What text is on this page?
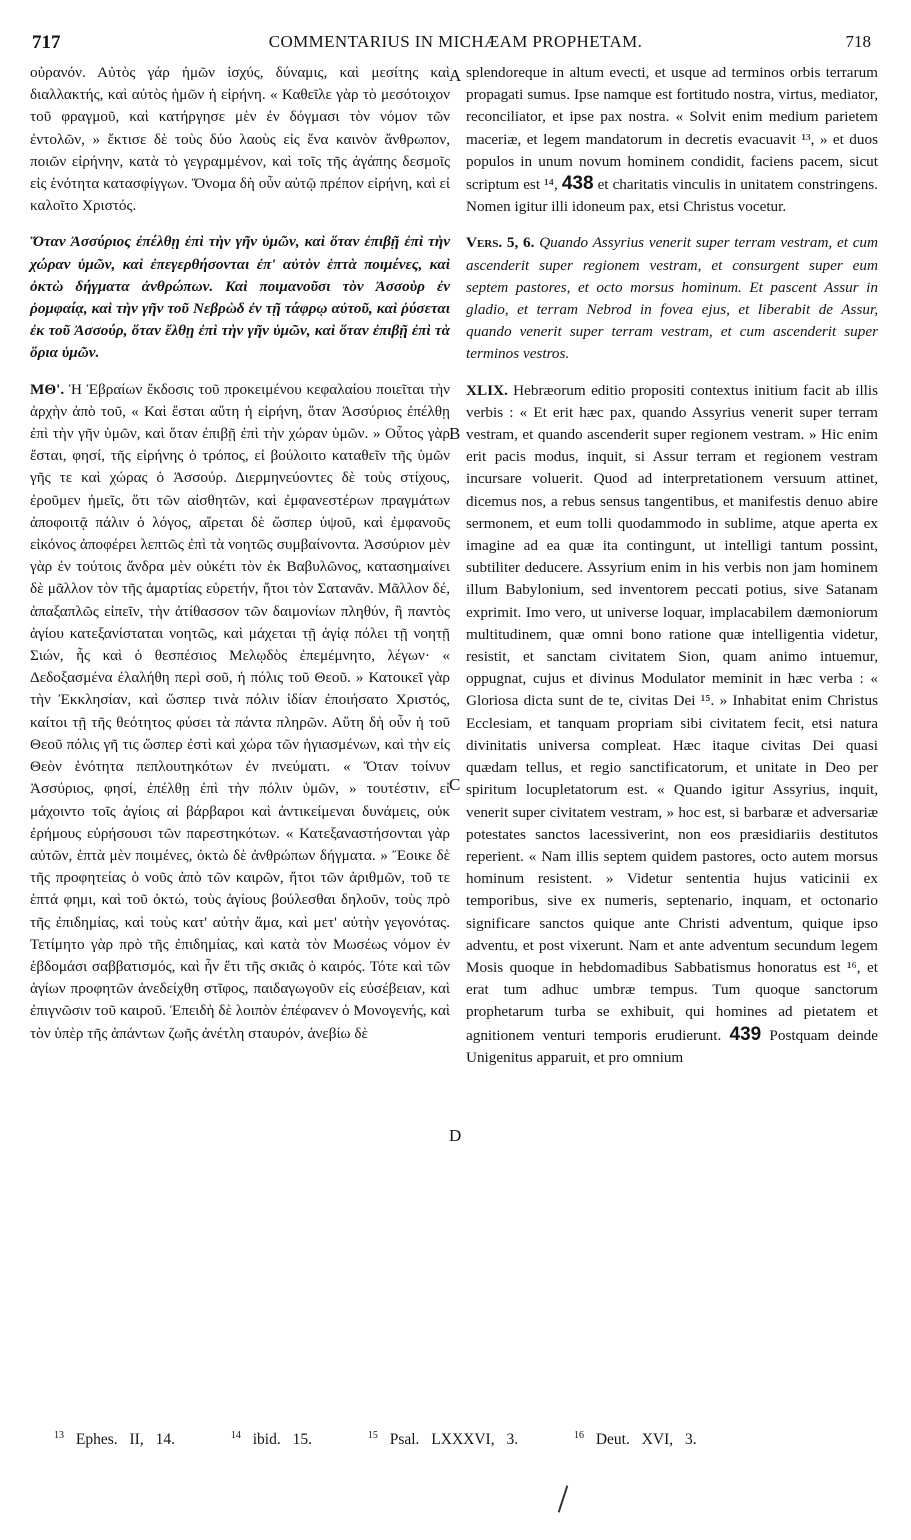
717	COMMENTARIUS IN MICHÆAM PROPHETAM.	718

οὐρανόν. Αὐτὸς γάρ ἡμῶν ἰσχύς, δύναμις, καὶ μεσίτης καὶ διαλλακτής, καὶ αὐτὸς ἡμῶν ἡ εἰρήνη. « Καθεῖλε γὰρ τὸ μεσότοιχον τοῦ φραγμοῦ, καὶ κατήργησε μὲν ἐν δόγμασι τὸν νόμον τῶν ἐντολῶν, » ἔκτισε δὲ τοὺς δύο λαοὺς εἰς ἕνα καινὸν ἄνθρωπον, ποιῶν εἰρήνην, κατὰ τὸ γεγραμμένον, καὶ τοῖς τῆς ἀγάπης δεσμοῖς εἰς ἑνότητα κατασφίγγων. Ὄνομα δὴ οὖν αὐτῷ πρέπον εἰρήνη, καὶ εἰ καλοῖτο Χριστός.

Ὅταν Ἀσσύριος ἐπέλθῃ ἐπὶ τὴν γῆν ὑμῶν, καὶ ὅταν ἐπιβῇ ἐπὶ τὴν χώραν ὑμῶν, καὶ ἐπεγερθήσονται ἐπ' αὐτὸν ἑπτὰ ποιμένες, καὶ ὀκτὼ δήγματα ἀνθρώπων. Καὶ ποιμανοῦσι τὸν Ἀσσοὺρ ἐν ῥομφαίᾳ, καὶ τὴν γῆν τοῦ Νεβρὼδ ἐν τῇ τάφρῳ αὐτοῦ, καὶ ῥύσεται ἐκ τοῦ Ἀσσούρ, ὅταν ἔλθῃ ἐπὶ τὴν γῆν ὑμῶν, καὶ ὅταν ἐπιβῇ ἐπὶ τὰ ὅρια ὑμῶν.

ΜΘ'. Ἡ Ἑβραίων ἔκδοσις τοῦ προκειμένου κεφαλαίου ποιεῖται τὴν ἀρχὴν ἀπὸ τοῦ, « Καὶ ἔσται αὕτη ἡ εἰρήνη, ὅταν Ἀσσύριος ἐπέλθῃ ἐπὶ τὴν γῆν ὑμῶν, καὶ ὅταν ἐπιβῇ ἐπὶ τὴν χώραν ὑμῶν. » Οὗτος γὰρ ἔσται, φησί, τῆς εἰρήνης ὁ τρόπος, εἰ βούλοιτο καταθεῖν τῆς ὑμῶν γῆς τε καὶ χώρας ὁ Ἀσσούρ. Διερμηνεύοντες δὲ τοὺς στίχους, ἐροῦμεν ἡμεῖς, ὅτι τῶν αἰσθητῶν, καὶ ἐμφανεστέρων πραγμάτων ἀποφοιτᾷ πάλιν ὁ λόγος, αἴρεται δὲ ὥσπερ ὑψοῦ, καὶ ἐμφανοῦς εἰκόνος ἀποφέρει λεπτῶς ἐπὶ τὰ νοητῶς συμβαίνοντα. Ἀσσύριον μὲν γὰρ ἐν τούτοις ἄνδρα μὲν οὐκέτι τὸν ἐκ Βαβυλῶνος, κατασημαίνει δὲ μᾶλλον τὸν τῆς ἁμαρτίας εὑρετήν, ἤτοι τὸν Σατανᾶν. Μᾶλλον δέ, ἁπαξαπλῶς εἰπεῖν, τὴν ἀτίθασσον τῶν δαιμονίων πληθύν, ἣ παντὸς ἁγίου κατεξανίσταται νοητῶς, καὶ μάχεται τῇ ἁγίᾳ πόλει τῇ νοητῇ Σιών, ἧς καὶ ὁ θεσπέσιος Μελῳδὸς ἐπεμέμνητο, λέγων· « Δεδοξασμένα ἐλαλήθη περὶ σοῦ, ἡ πόλις τοῦ Θεοῦ. » Κατοικεῖ γὰρ τὴν Ἐκκλησίαν, καὶ ὥσπερ τινὰ πόλιν ἰδίαν ἐποιήσατο Χριστός, καίτοι τῇ τῆς θεότητος φύσει τὰ πάντα πληρῶν. Αὕτη δὴ οὖν ἡ τοῦ Θεοῦ πόλις γῆ τις ὥσπερ ἐστὶ καὶ χώρα τῶν ἡγιασμένων, καὶ τὴν εἰς Θεὸν ἑνότητα πεπλουτηκότων ἐν πνεύματι. « Ὅταν τοίνυν Ἀσσύριος, φησί, ἐπέλθῃ ἐπὶ τὴν πόλιν ὑμῶν, » τουτέστιν, εἰ μάχοιντο τοῖς ἁγίοις αἱ βάρβαροι καὶ ἀντικείμεναι δυνάμεις, οὐκ ἐρήμους εὑρήσουσι τῶν παρεστηκότων. « Κατεξαναστήσονται γὰρ αὐτῶν, ἑπτὰ μὲν ποιμένες, ὀκτὼ δὲ ἀνθρώπων δήγματα. » Ἔοικε δὲ τῆς προφητείας ὁ νοῦς ἀπὸ τῶν καιρῶν, ἤτοι τῶν ἀριθμῶν, τοῦ τε ἑπτά φημι, καὶ τοῦ ὀκτώ, τοὺς ἁγίους βούλεσθαι δηλοῦν, τοὺς πρὸ τῆς ἐπιδημίας, καὶ τοὺς κατ' αὐτὴν ἅμα, καὶ μετ' αὐτὴν γεγονότας. Τετίμητο γὰρ πρὸ τῆς ἐπιδημίας, καὶ κατὰ τὸν Μωσέως νόμον ἐν ἑβδομάσι σαββατισμός, καὶ ἦν ἔτι τῆς σκιᾶς ὁ καιρός. Τότε καὶ τῶν ἁγίων προφητῶν ἀνεδείχθη στῖφος, παιδαγωγοῦν εἰς εὐσέβειαν, καὶ ἐπιγνῶσιν τοῦ καιροῦ. Ἐπειδὴ δὲ λοιπὸν ἐπέφανεν ὁ Μονογενής, καὶ τὸν ὑπὲρ τῆς ἁπάντων ζωῆς ἀνέτλη σταυρόν, ἀνεβίω δὲ

splendoreque in altum evecti, et usque ad terminos orbis terrarum propagati sumus. Ipse namque est fortitudo nostra, virtus, mediator, reconciliator, et ipse pax nostra. « Solvit enim medium parietem maceriæ, et legem mandatorum in decretis evacuavit ¹³, » et duos populos in unum novum hominem condidit, faciens pacem, sicut scriptum est ¹⁴, 438 et charitatis vinculis in unitatem constringens. Nomen igitur illi idoneum pax, etsi Christus vocetur.

Vers. 5, 6. Quando Assyrius venerit super terram vestram, et cum ascenderit super regionem vestram, et consurgent super eum septem pastores, et octo morsus hominum. Et pascent Assur in gladio, et terram Nebrod in fovea ejus, et liberabit de Assur, quando venerit super terram vestram, et cum ascenderit super terminos vestros.

XLIX. Hebræorum editio propositi contextus initium facit ab illis verbis : « Et erit hæc pax, quando Assyrius venerit super terram vestram, et quando ascenderit super regionem vestram. » Hic enim erit pacis modus, inquit, si Assur terram et regionem vestram incursare voluerit. Quod ad interpretationem versuum attinet, dicemus nos, a rebus sensus tangentibus, et manifestis denuo abire sermonem, et eum tolli quodammodo in sublime, atque aperta ex imagine ad ea quæ ita contingunt, ut intelligi tantum possint, subtiliter deducere. Assyrium enim in his verbis non jam hominem illum Babylonium, sed inventorem peccati potius, sive Satanam exprimit. Imo vero, ut universe loquar, implacabilem dæmoniorum multitudinem, quæ omni bono ratione quæ intelligentia videtur, resistit, et sanctam civitatem Sion, quam animo intuemur, oppugnat, cujus et divinus Modulator meminit in hæc verba : « Gloriosa dicta sunt de te, civitas Dei ¹⁵. » Inhabitat enim Christus Ecclesiam, et tanquam propriam sibi civitatem fecit, etsi natura divinitatis universa compleat. Hæc itaque civitas Dei quasi quædam tellus, et regio sanctificatorum, et unitate in Deo per spiritum locupletatorum est. « Quando igitur Assyrius, inquit, venerit super civitatem vestram, » hoc est, si barbaræ et adversariæ potestates sanctos lacessiverint, non eos præsidiariis destitutos reperient. « Nam illis septem quidem pastores, octo autem morsus hominum resistent. » Videtur sententia hujus vaticinii ex temporibus, sive ex numeris, septenario, inquam, et octonario significare sanctos quique ante Christi adventum, quique ipso adventu, et post vixerunt. Nam et ante adventum secundum legem Mosis quoque in hebdomadibus Sabbatismus honoratus est ¹⁶, et erat tum adhuc umbræ tempus. Tum quoque sanctorum prophetarum turba se exhibuit, qui homines ad pietatem et agnitionem venturi temporis erudierunt. 439 Postquam deinde Unigenitus apparuit, et pro omnium

A
B
C
D
$^{13}$ Ephes. II, 14.	$^{14}$ ibid. 15.	$^{15}$ Psal. LXXXVI, 3.	$^{16}$ Deut. XVI, 3.
